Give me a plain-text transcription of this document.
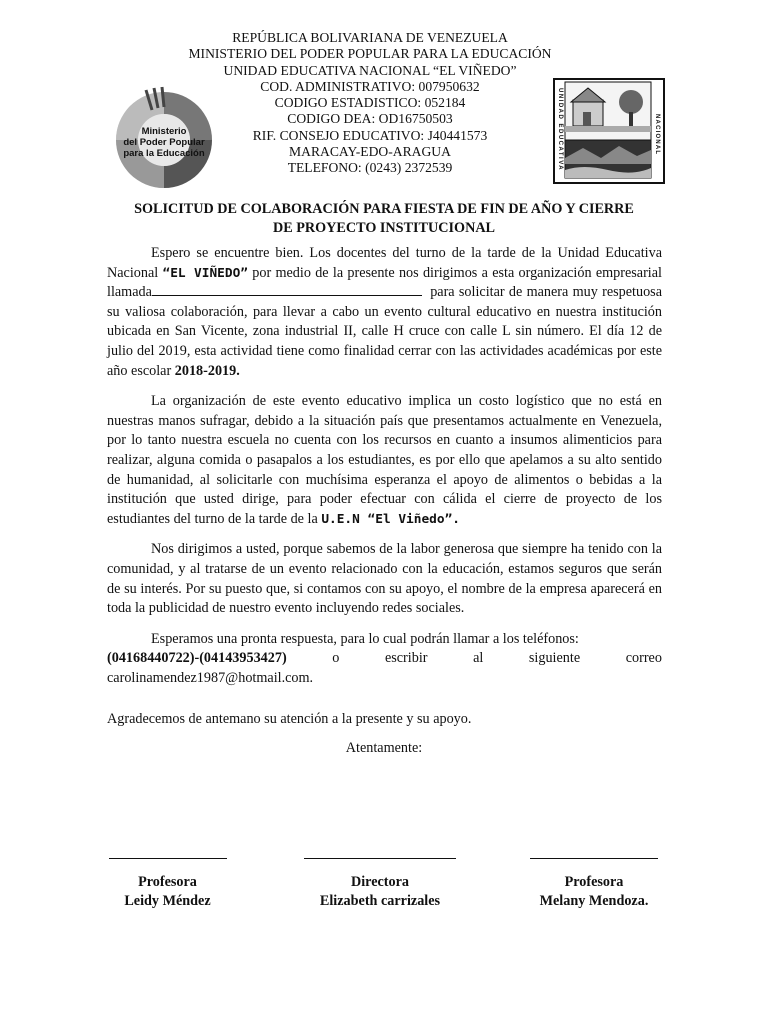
Ministerio
del Poder Popular
para la Educación	UNIDAD EDUCATIVA	NACIONAL
REPÚBLICA BOLIVARIANA DE VENEZUELA
MINISTERIO DEL PODER POPULAR PARA LA EDUCACIÓN
UNIDAD EDUCATIVA NACIONAL “EL VIÑEDO”
COD. ADMINISTRATIVO: 007950632
CODIGO ESTADISTICO: 052184
CODIGO DEA: OD16750503
RIF. CONSEJO EDUCATIVO: J40441573
MARACAY-EDO-ARAGUA
TELEFONO: (0243) 2372539
SOLICITUD DE COLABORACIÓN PARA FIESTA DE FIN DE AÑO Y CIERRE
DE PROYECTO INSTITUCIONAL

Espero se encuentre bien. Los docentes del turno de la tarde de la Unidad Educativa Nacional “EL VIÑEDO” por medio de la presente nos dirigimos a esta organización empresarial llamada	para solicitar de manera muy respetuosa su valiosa colaboración, para llevar a cabo un evento cultural educativo en nuestra institución ubicada en San Vicente, zona industrial II, calle H cruce con calle L sin número. El día 12 de julio del 2019, esta actividad tiene como finalidad cerrar con las actividades académicas por este año escolar 2018-2019.

La organización de este evento educativo implica un costo logístico que no está en nuestras manos sufragar, debido a la situación país que presentamos actualmente en Venezuela, por lo tanto nuestra escuela no cuenta con los recursos en cuanto a insumos alimenticios para realizar, alguna comida o pasapalos a los estudiantes, es por ello que apelamos a su alto sentido de humanidad, al solicitarle con muchísima esperanza el apoyo de alimentos o bebidas a la institución que usted dirige, para poder efectuar con cálida el cierre de proyecto de los estudiantes del turno de la tarde de la U.E.N “El Viñedo”.

Nos dirigimos a usted, porque sabemos de la labor generosa que siempre ha tenido con la comunidad, y al tratarse de un evento relacionado con la educación, estamos seguros que serán de su interés. Por su puesto que, si contamos con su apoyo, el nombre de la empresa aparecerá en toda la publicidad de nuestro evento incluyendo redes sociales.

Esperamos una pronta respuesta, para lo cual podrán llamar a los teléfonos:

(04168440722)-(04143953427)	o	escribir	al	siguiente	correo

carolinamendez1987@hotmail.com.

Agradecemos de antemano su atención a la presente y su apoyo.

Atentamente:
Profesora
Leidy Méndez
Directora
Elizabeth carrizales
Profesora
Melany Mendoza.
